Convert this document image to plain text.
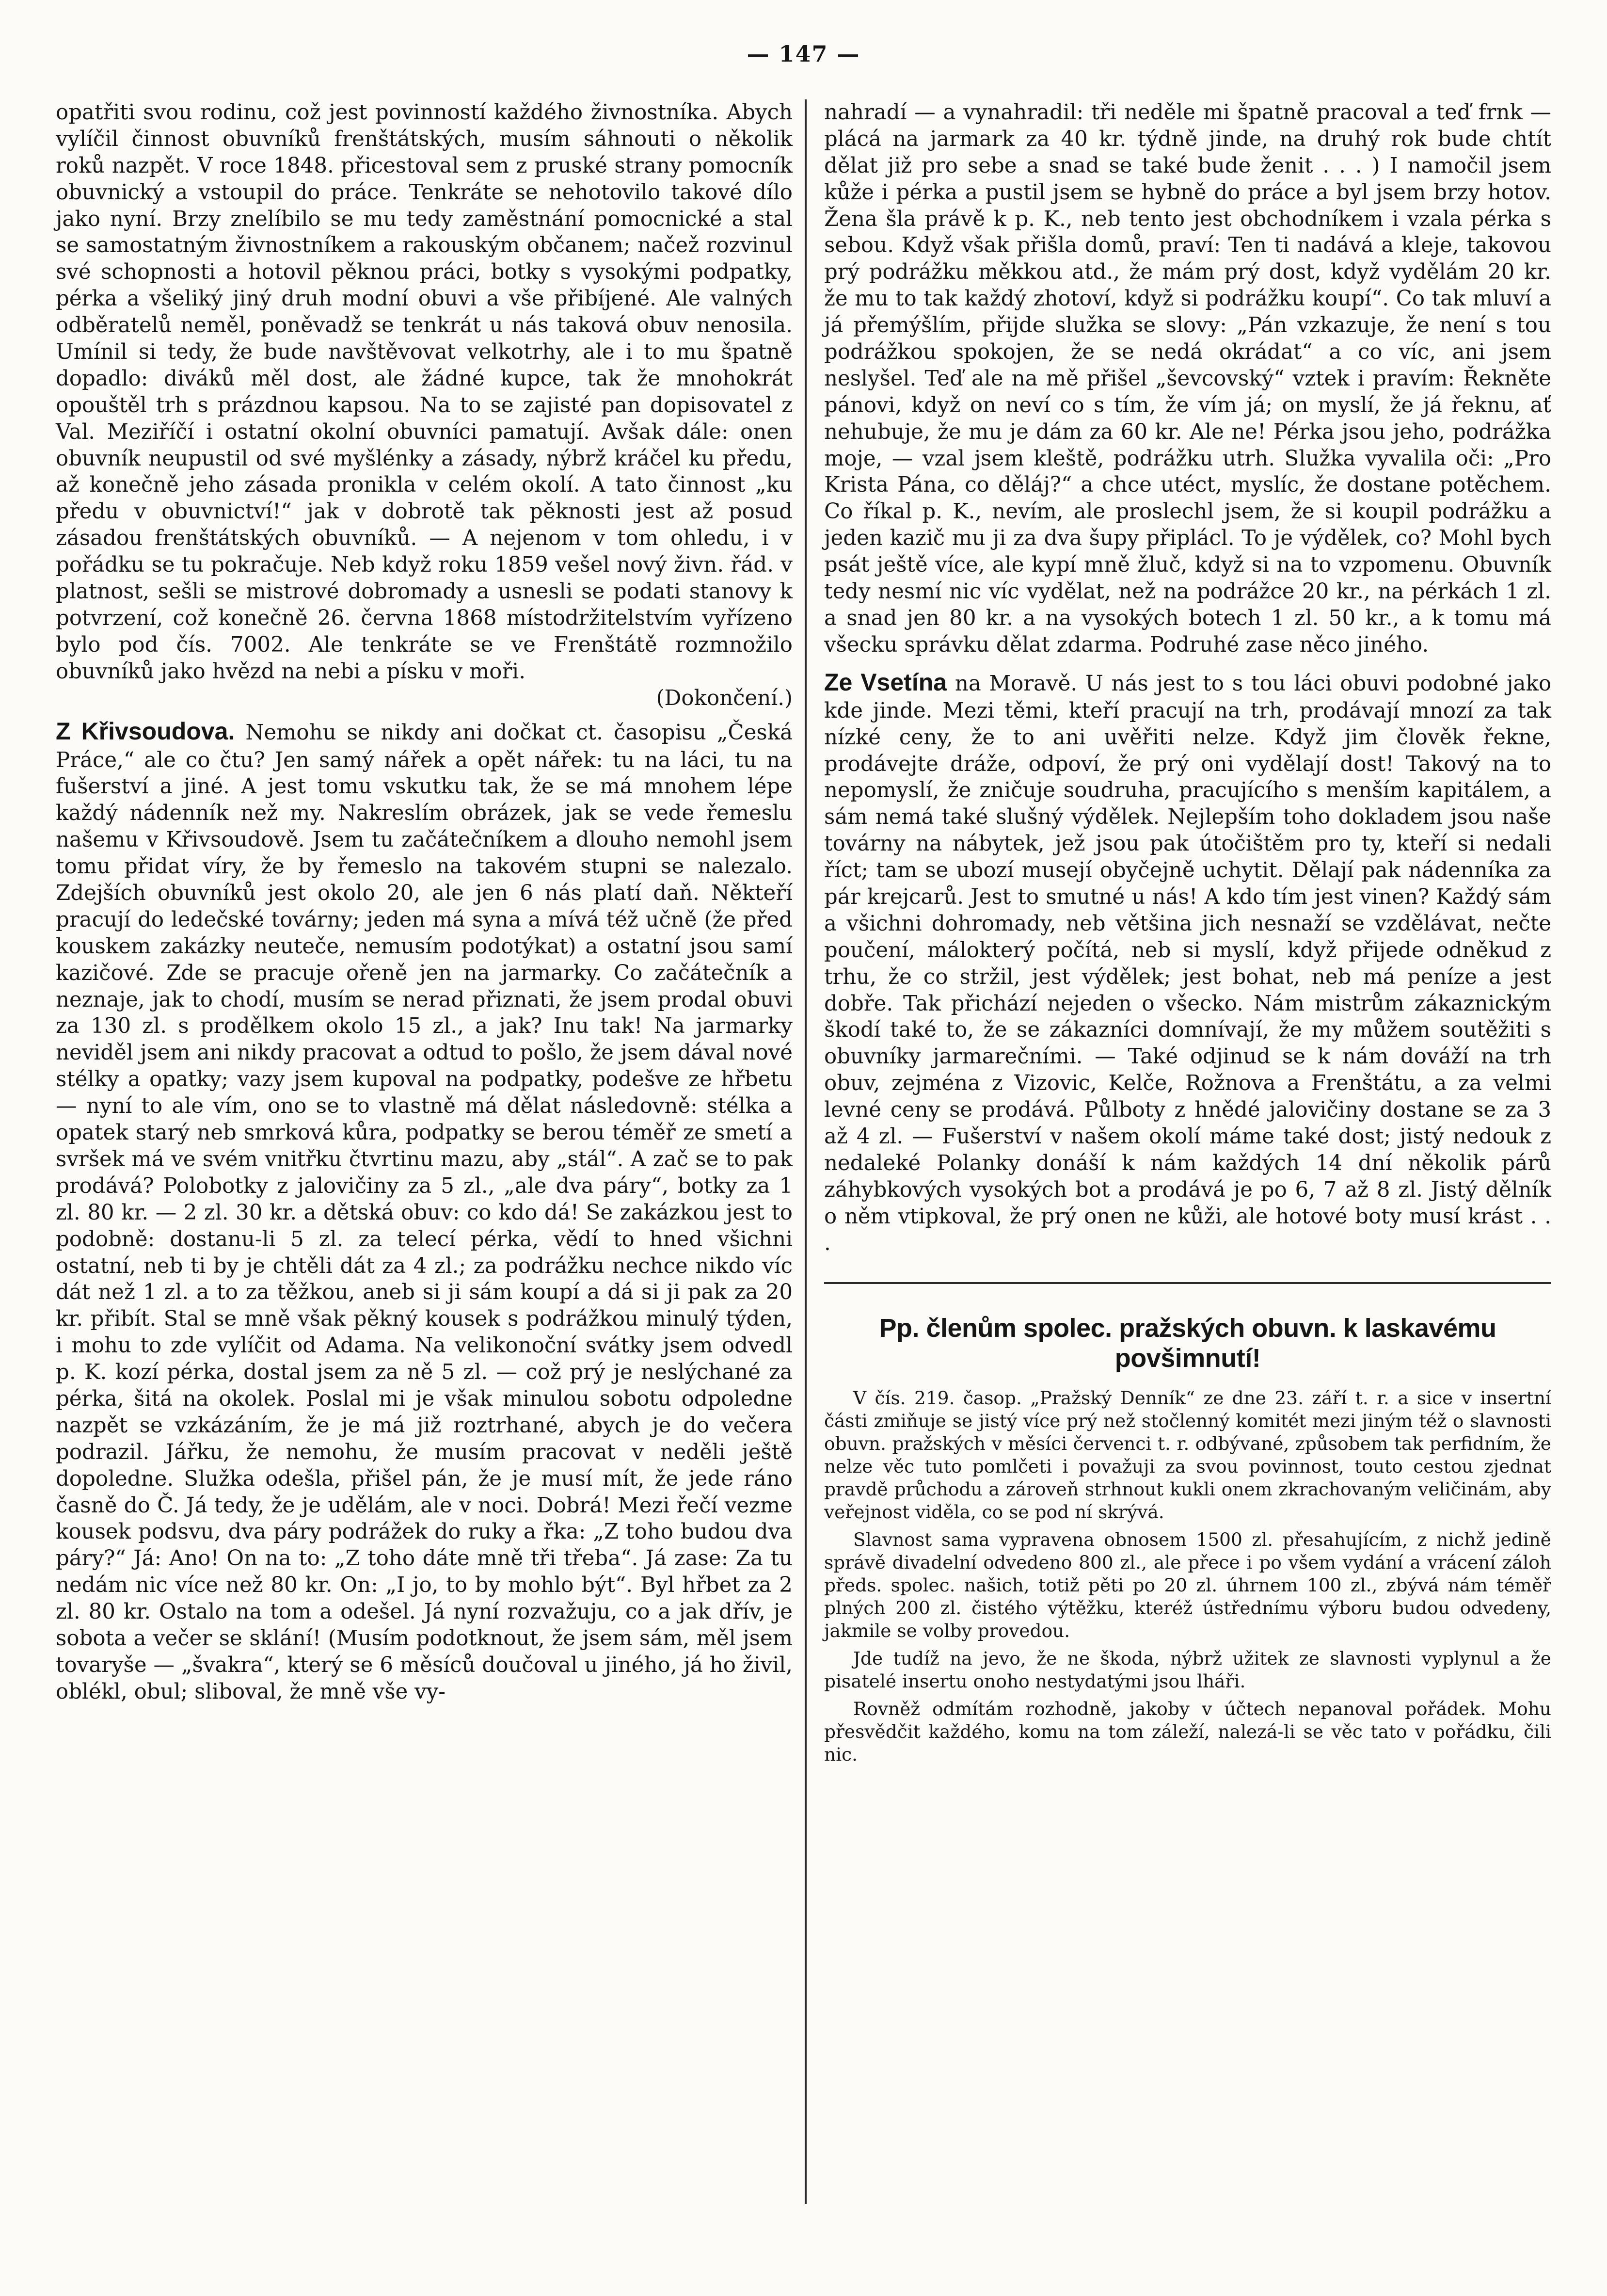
— 147 —

opatřiti svou rodinu, což jest povinností každého živnostníka. Abych vylíčil činnost obuvníků frenštátských, musím sáhnouti o několik roků nazpět. V roce 1848. přicestoval sem z pruské strany pomocník obuvnický a vstoupil do práce. Tenkráte se nehotovilo takové dílo jako nyní. Brzy znelíbilo se mu tedy zaměstnání pomocnické a stal se samostatným živnostníkem a rakouským občanem; načež rozvinul své schopnosti a hotovil pěknou práci, botky s vysokými podpatky, pérka a všeliký jiný druh modní obuvi a vše přibíjené. Ale valných odběratelů neměl, poněvadž se tenkrát u nás taková obuv nenosila. Umínil si tedy, že bude navštěvovat velkotrhy, ale i to mu špatně dopadlo: diváků měl dost, ale žádné kupce, tak že mnohokrát opouštěl trh s prázdnou kapsou. Na to se zajisté pan dopisovatel z Val. Meziříčí i ostatní okolní obuvníci pamatují. Avšak dále: onen obuvník neupustil od své myšlénky a zásady, nýbrž kráčel ku předu, až konečně jeho zásada pronikla v celém okolí. A tato činnost „ku předu v obuvnictví!“ jak v dobrotě tak pěknosti jest až posud zásadou frenštátských obuvníků. — A nejenom v tom ohledu, i v pořádku se tu pokračuje. Neb když roku 1859 vešel nový živn. řád. v platnost, sešli se mistrové dobromady a usnesli se podati stanovy k potvrzení, což konečně 26. června 1868 místodržitelstvím vyřízeno bylo pod čís. 7002. Ale tenkráte se ve Frenštátě rozmnožilo obuvníků jako hvězd na nebi a písku v moři.

(Dokončení.)

Z Křivsoudova. Nemohu se nikdy ani dočkat ct. časopisu „Česká Práce,“ ale co čtu? Jen samý nářek a opět nářek: tu na láci, tu na fušerství a jiné. A jest tomu vskutku tak, že se má mnohem lépe každý nádenník než my. Nakreslím obrázek, jak se vede řemeslu našemu v Křivsoudově. Jsem tu začátečníkem a dlouho nemohl jsem tomu přidat víry, že by řemeslo na takovém stupni se nalezalo. Zdejších obuvníků jest okolo 20, ale jen 6 nás platí daň. Někteří pracují do ledečské továrny; jeden má syna a mívá též učně (že před kouskem zakázky neuteče, nemusím podotýkat) a ostatní jsou samí kazičové. Zde se pracuje ořeně jen na jarmarky. Co začátečník a neznaje, jak to chodí, musím se nerad přiznati, že jsem prodal obuvi za 130 zl. s prodělkem okolo 15 zl., a jak? Inu tak! Na jarmarky neviděl jsem ani nikdy pracovat a odtud to pošlo, že jsem dával nové stélky a opatky; vazy jsem kupoval na podpatky, podešve ze hřbetu — nyní to ale vím, ono se to vlastně má dělat následovně: stélka a opatek starý neb smrková kůra, podpatky se berou téměř ze smetí a svršek má ve svém vnitřku čtvrtinu mazu, aby „stál“. A zač se to pak prodává? Polobotky z jalovičiny za 5 zl., „ale dva páry“, botky za 1 zl. 80 kr. — 2 zl. 30 kr. a dětská obuv: co kdo dá! Se zakázkou jest to podobně: dostanu-li 5 zl. za telecí pérka, vědí to hned všichni ostatní, neb ti by je chtěli dát za 4 zl.; za podrážku nechce nikdo víc dát než 1 zl. a to za těžkou, aneb si ji sám koupí a dá si ji pak za 20 kr. přibít. Stal se mně však pěkný kousek s podrážkou minulý týden, i mohu to zde vylíčit od Adama. Na velikonoční svátky jsem odvedl p. K. kozí pérka, dostal jsem za ně 5 zl. — což prý je neslýchané za pérka, šitá na okolek. Poslal mi je však minulou sobotu odpoledne nazpět se vzkázáním, že je má již roztrhané, abych je do večera podrazil. Jářku, že nemohu, že musím pracovat v neděli ještě dopoledne. Služka odešla, přišel pán, že je musí mít, že jede ráno časně do Č. Já tedy, že je udělám, ale v noci. Dobrá! Mezi řečí vezme kousek podsvu, dva páry podrážek do ruky a řka: „Z toho budou dva páry?“ Já: Ano! On na to: „Z toho dáte mně tři třeba“. Já zase: Za tu nedám nic více než 80 kr. On: „I jo, to by mohlo být“. Byl hřbet za 2 zl. 80 kr. Ostalo na tom a odešel. Já nyní rozvažuju, co a jak dřív, je sobota a večer se sklání! (Musím podotknout, že jsem sám, měl jsem tovaryše — „švakra“, který se 6 měsíců doučoval u jiného, já ho živil, oblékl, obul; sliboval, že mně vše vy-

nahradí — a vynahradil: tři neděle mi špatně pracoval a teď frnk — plácá na jarmark za 40 kr. týdně jinde, na druhý rok bude chtít dělat již pro sebe a snad se také bude ženit . . . ) I namočil jsem kůže i pérka a pustil jsem se hybně do práce a byl jsem brzy hotov. Žena šla právě k p. K., neb tento jest obchodníkem i vzala pérka s sebou. Když však přišla domů, praví: Ten ti nadává a kleje, takovou prý podrážku měkkou atd., že mám prý dost, když vydělám 20 kr. že mu to tak každý zhotoví, když si podrážku koupí“. Co tak mluví a já přemýšlím, přijde služka se slovy: „Pán vzkazuje, že není s tou podrážkou spokojen, že se nedá okrádat“ a co víc, ani jsem neslyšel. Teď ale na mě přišel „ševcovský“ vztek i pravím: Řekněte pánovi, když on neví co s tím, že vím já; on myslí, že já řeknu, ať nehubuje, že mu je dám za 60 kr. Ale ne! Pérka jsou jeho, podrážka moje, — vzal jsem kleště, podrážku utrh. Služka vyvalila oči: „Pro Krista Pána, co děláj?“ a chce utéct, myslíc, že dostane potěchem. Co říkal p. K., nevím, ale proslechl jsem, že si koupil podrážku a jeden kazič mu ji za dva šupy připlácl. To je výdělek, co? Mohl bych psát ještě více, ale kypí mně žluč, když si na to vzpomenu. Obuvník tedy nesmí nic víc vydělat, než na podrážce 20 kr., na pérkách 1 zl. a snad jen 80 kr. a na vysokých botech 1 zl. 50 kr., a k tomu má všecku správku dělat zdarma. Podruhé zase něco jiného.

Ze Vsetína na Moravě. U nás jest to s tou láci obuvi podobné jako kde jinde. Mezi těmi, kteří pracují na trh, prodávají mnozí za tak nízké ceny, že to ani uvěřiti nelze. Když jim člověk řekne, prodávejte dráže, odpoví, že prý oni vydělají dost! Takový na to nepomyslí, že zničuje soudruha, pracujícího s menším kapitálem, a sám nemá také slušný výdělek. Nejlepším toho dokladem jsou naše továrny na nábytek, jež jsou pak útočištěm pro ty, kteří si nedali říct; tam se ubozí musejí obyčejně uchytit. Dělají pak nádenníka za pár krejcarů. Jest to smutné u nás! A kdo tím jest vinen? Každý sám a všichni dohromady, neb většina jich nesnaží se vzdělávat, nečte poučení, málokterý počítá, neb si myslí, když přijede odněkud z trhu, že co stržil, jest výdělek; jest bohat, neb má peníze a jest dobře. Tak přichází nejeden o všecko. Nám mistrům zákaznickým škodí také to, že se zákazníci domnívají, že my můžem soutěžiti s obuvníky jarmarečními. — Také odjinud se k nám dováží na trh obuv, zejména z Vizovic, Kelče, Rožnova a Frenštátu, a za velmi levné ceny se prodává. Půlboty z hnědé jalovičiny dostane se za 3 až 4 zl. — Fušerství v našem okolí máme také dost; jistý nedouk z nedaleké Polanky donáší k nám každých 14 dní několik párů záhybkových vysokých bot a prodává je po 6, 7 až 8 zl. Jistý dělník o něm vtipkoval, že prý onen ne kůži, ale hotové boty musí krást . . .

Pp. členům spolec. pražských obuvn. k laskavému povšimnutí!

V čís. 219. časop. „Pražský Denník“ ze dne 23. září t. r. a sice v insertní části zmiňuje se jistý více prý než stočlenný komitét mezi jiným též o slavnosti obuvn. pražských v měsíci červenci t. r. odbývané, způsobem tak perfidním, že nelze věc tuto pomlčeti i považuji za svou povinnost, touto cestou zjednat pravdě průchodu a zároveň strhnout kukli onem zkrachovaným veličinám, aby veřejnost viděla, co se pod ní skrývá.

Slavnost sama vypravena obnosem 1500 zl. přesahujícím, z nichž jedině správě divadelní odvedeno 800 zl., ale přece i po všem vydání a vrácení záloh předs. spolec. našich, totiž pěti po 20 zl. úhrnem 100 zl., zbývá nám téměř plných 200 zl. čistého výtěžku, kteréž ústřednímu výboru budou odvedeny, jakmile se volby provedou.

Jde tudíž na jevo, že ne škoda, nýbrž užitek ze slavnosti vyplynul a že pisatelé insertu onoho nestydatými jsou lháři.

Rovněž odmítám rozhodně, jakoby v účtech nepanoval pořádek. Mohu přesvědčit každého, komu na tom záleží, nalezá-li se věc tato v pořádku, čili nic.
